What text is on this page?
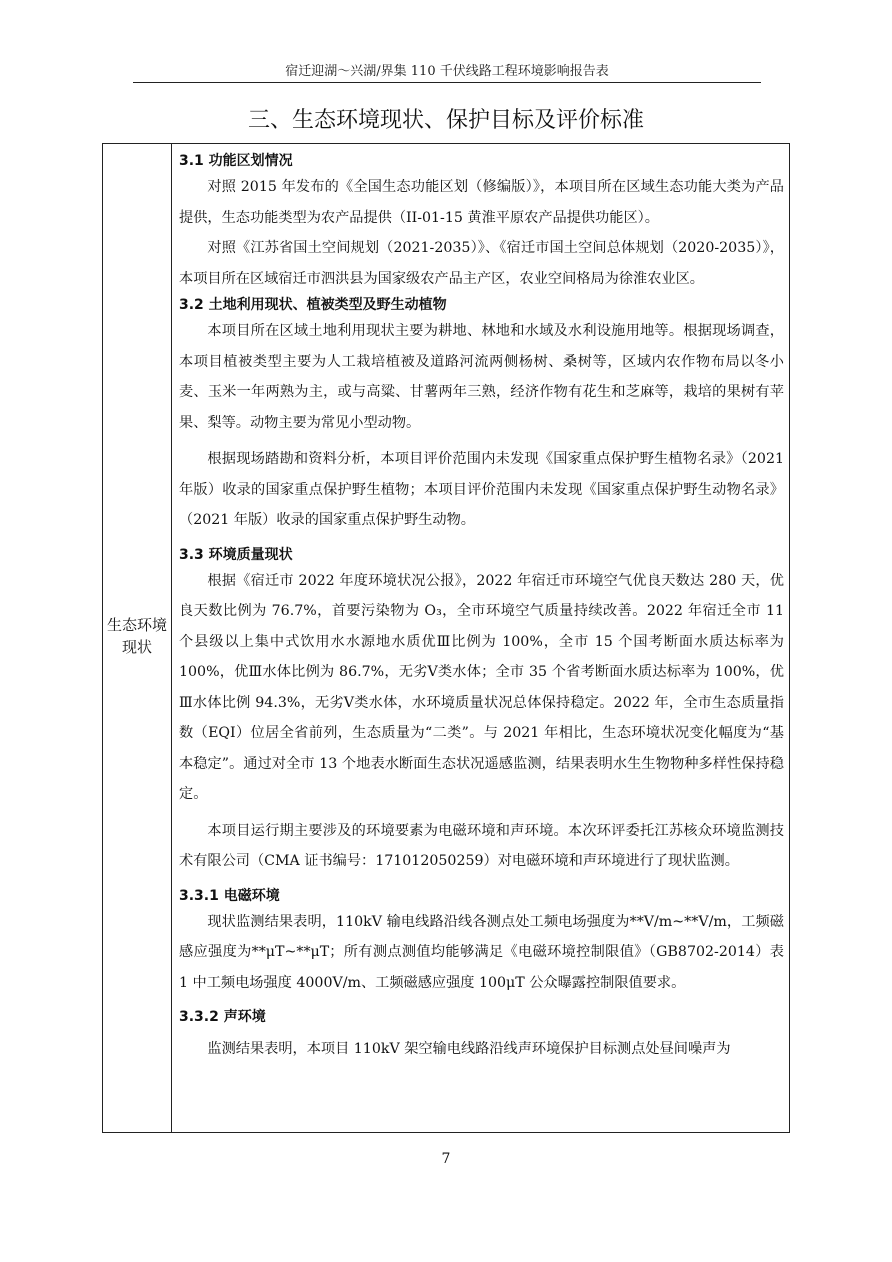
宿迁迎湖～兴湖/界集 110 千伏线路工程环境影响报告表
三、生态环境现状、保护目标及评价标准
生态环境现状
3.1 功能区划情况

对照 2015 年发布的《全国生态功能区划（修编版）》，本项目所在区域生态功能大类为产品提供，生态功能类型为农产品提供（II-01-15 黄淮平原农产品提供功能区）。

对照《江苏省国土空间规划（2021-2035）》、《宿迁市国土空间总体规划（2020-2035）》，本项目所在区域宿迁市泗洪县为国家级农产品主产区，农业空间格局为徐淮农业区。

3.2 土地利用现状、植被类型及野生动植物

本项目所在区域土地利用现状主要为耕地、林地和水域及水利设施用地等。根据现场调查，本项目植被类型主要为人工栽培植被及道路河流两侧杨树、桑树等，区域内农作物布局以冬小麦、玉米一年两熟为主，或与高粱、甘薯两年三熟，经济作物有花生和芝麻等，栽培的果树有苹果、梨等。动物主要为常见小型动物。

根据现场踏勘和资料分析，本项目评价范围内未发现《国家重点保护野生植物名录》（2021 年版）收录的国家重点保护野生植物；本项目评价范围内未发现《国家重点保护野生动物名录》（2021 年版）收录的国家重点保护野生动物。

3.3 环境质量现状

根据《宿迁市 2022 年度环境状况公报》，2022 年宿迁市环境空气优良天数达 280 天，优良天数比例为 76.7%，首要污染物为 O₃，全市环境空气质量持续改善。2022 年宿迁全市 11 个县级以上集中式饮用水水源地水质优Ⅲ比例为 100%，全市 15 个国考断面水质达标率为 100%，优Ⅲ水体比例为 86.7%，无劣Ⅴ类水体；全市 35 个省考断面水质达标率为 100%，优Ⅲ水体比例 94.3%，无劣Ⅴ类水体，水环境质量状况总体保持稳定。2022 年，全市生态质量指数（EQI）位居全省前列，生态质量为“二类”。与 2021 年相比，生态环境状况变化幅度为“基本稳定”。通过对全市 13 个地表水断面生态状况遥感监测，结果表明水生生物物种多样性保持稳定。

本项目运行期主要涉及的环境要素为电磁环境和声环境。本次环评委托江苏核众环境监测技术有限公司（CMA 证书编号：171012050259）对电磁环境和声环境进行了现状监测。

3.3.1 电磁环境

现状监测结果表明，110kV 输电线路沿线各测点处工频电场强度为**V/m~**V/m，工频磁感应强度为**μT~**μT；所有测点测值均能够满足《电磁环境控制限值》（GB8702-2014）表 1 中工频电场强度 4000V/m、工频磁感应强度 100μT 公众曝露控制限值要求。

3.3.2 声环境

监测结果表明，本项目 110kV 架空输电线路沿线声环境保护目标测点处昼间噪声为

7
